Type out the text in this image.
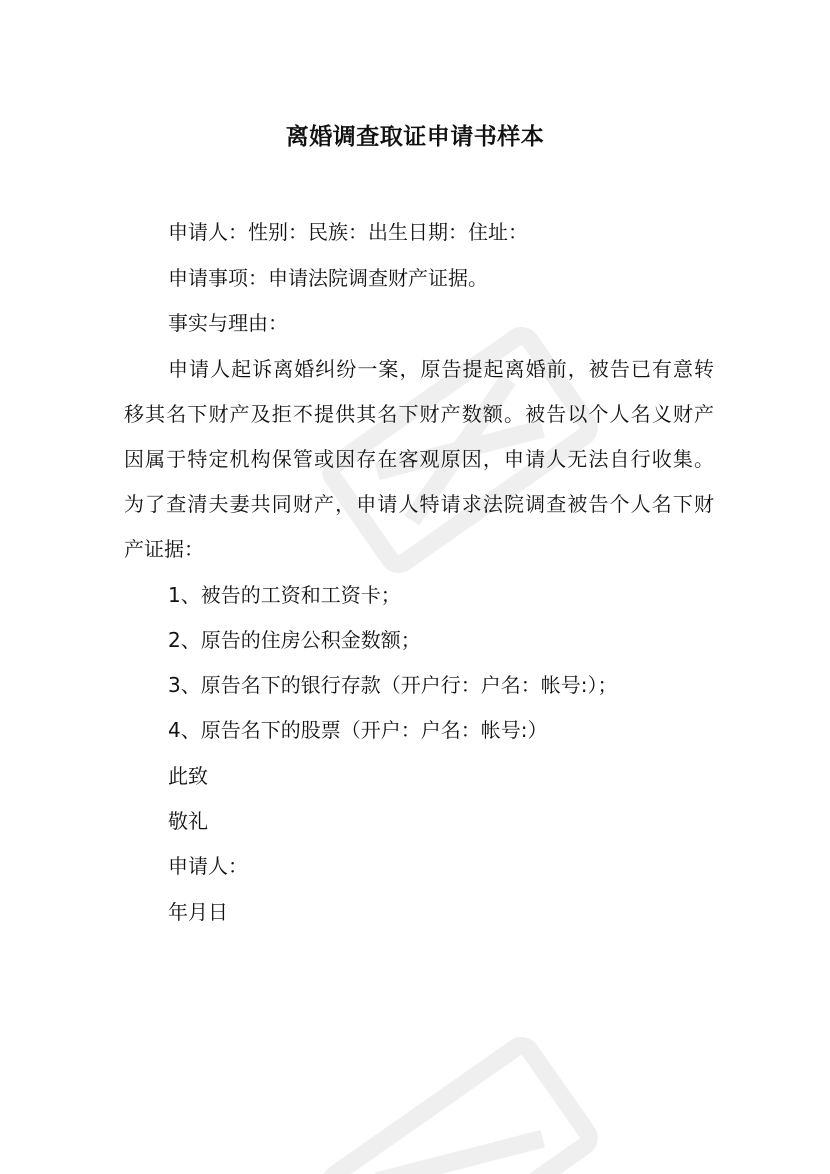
离婚调查取证申请书样本
申请人：性别：民族：出生日期：住址：
申请事项：申请法院调查财产证据。
事实与理由：
申请人起诉离婚纠纷一案，原告提起离婚前，被告已有意转
移其名下财产及拒不提供其名下财产数额。被告以个人名义财产
因属于特定机构保管或因存在客观原因，申请人无法自行收集。
为了查清夫妻共同财产，申请人特请求法院调查被告个人名下财
产证据：
1、被告的工资和工资卡；
2、原告的住房公积金数额；
3、原告名下的银行存款（开户行：户名：帐号:）；
4、原告名下的股票（开户：户名：帐号:）
此致
敬礼
申请人：
年月日
